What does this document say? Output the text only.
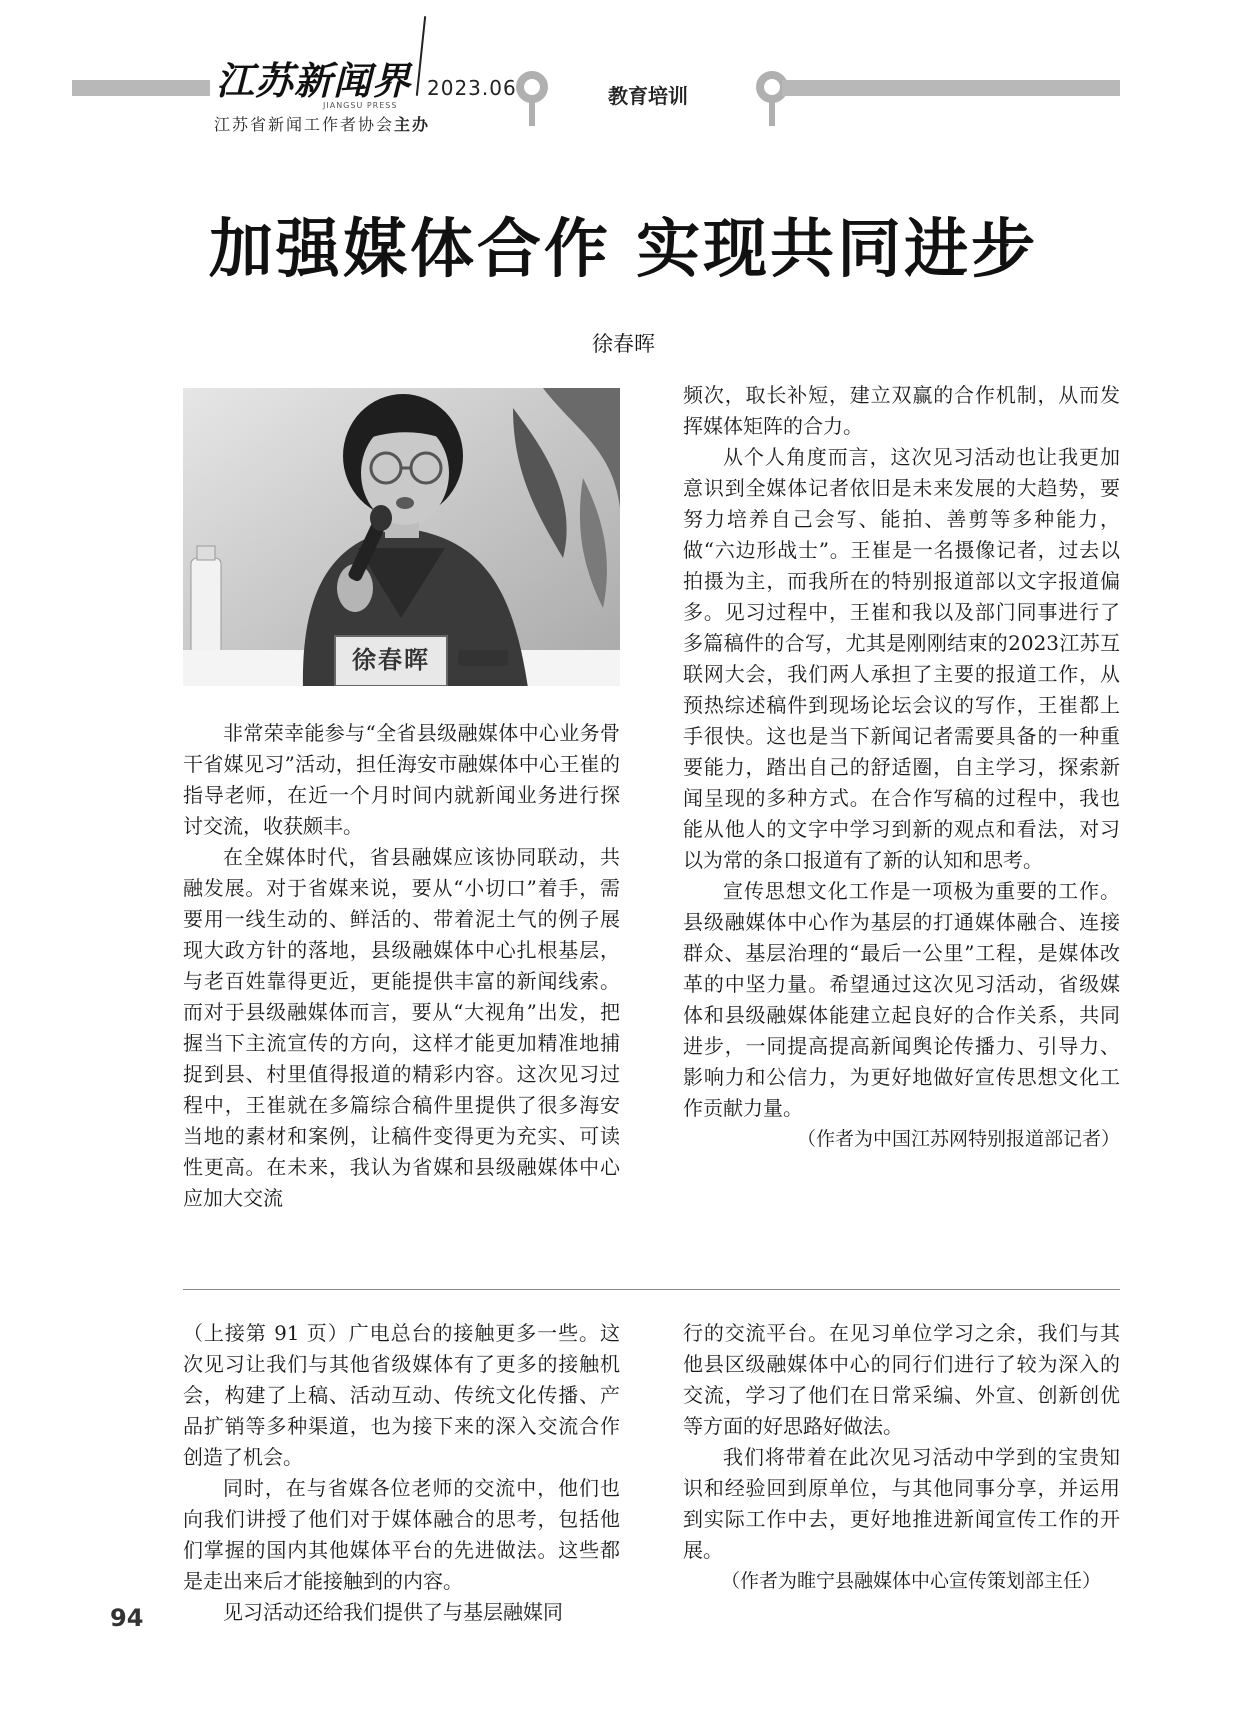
江苏新闻界
JIANGSU PRESS
2023.06
江苏省新闻工作者协会主办
教育培训
加强媒体合作 实现共同进步
徐春晖
徐春晖

非常荣幸能参与“全省县级融媒体中心业务骨干省媒见习”活动，担任海安市融媒体中心王崔的指导老师，在近一个月时间内就新闻业务进行探讨交流，收获颇丰。

在全媒体时代，省县融媒应该协同联动，共融发展。对于省媒来说，要从“小切口”着手，需要用一线生动的、鲜活的、带着泥土气的例子展现大政方针的落地，县级融媒体中心扎根基层，与老百姓靠得更近，更能提供丰富的新闻线索。而对于县级融媒体而言，要从“大视角”出发，把握当下主流宣传的方向，这样才能更加精准地捕捉到县、村里值得报道的精彩内容。这次见习过程中，王崔就在多篇综合稿件里提供了很多海安当地的素材和案例，让稿件变得更为充实、可读性更高。在未来，我认为省媒和县级融媒体中心应加大交流

频次，取长补短，建立双赢的合作机制，从而发挥媒体矩阵的合力。

从个人角度而言，这次见习活动也让我更加意识到全媒体记者依旧是未来发展的大趋势，要努力培养自己会写、能拍、善剪等多种能力，做“六边形战士”。王崔是一名摄像记者，过去以拍摄为主，而我所在的特别报道部以文字报道偏多。见习过程中，王崔和我以及部门同事进行了多篇稿件的合写，尤其是刚刚结束的2023江苏互联网大会，我们两人承担了主要的报道工作，从预热综述稿件到现场论坛会议的写作，王崔都上手很快。这也是当下新闻记者需要具备的一种重要能力，踏出自己的舒适圈，自主学习，探索新闻呈现的多种方式。在合作写稿的过程中，我也能从他人的文字中学习到新的观点和看法，对习以为常的条口报道有了新的认知和思考。

宣传思想文化工作是一项极为重要的工作。县级融媒体中心作为基层的打通媒体融合、连接群众、基层治理的“最后一公里”工程，是媒体改革的中坚力量。希望通过这次见习活动，省级媒体和县级融媒体能建立起良好的合作关系，共同进步，一同提高提高新闻舆论传播力、引导力、影响力和公信力，为更好地做好宣传思想文化工作贡献力量。

（作者为中国江苏网特别报道部记者）

（上接第 91 页）广电总台的接触更多一些。这次见习让我们与其他省级媒体有了更多的接触机会，构建了上稿、活动互动、传统文化传播、产品扩销等多种渠道，也为接下来的深入交流合作创造了机会。

同时，在与省媒各位老师的交流中，他们也向我们讲授了他们对于媒体融合的思考，包括他们掌握的国内其他媒体平台的先进做法。这些都是走出来后才能接触到的内容。

见习活动还给我们提供了与基层融媒同

行的交流平台。在见习单位学习之余，我们与其他县区级融媒体中心的同行们进行了较为深入的交流，学习了他们在日常采编、外宣、创新创优等方面的好思路好做法。

我们将带着在此次见习活动中学到的宝贵知识和经验回到原单位，与其他同事分享，并运用到实际工作中去，更好地推进新闻宣传工作的开展。

（作者为睢宁县融媒体中心宣传策划部主任）

94
